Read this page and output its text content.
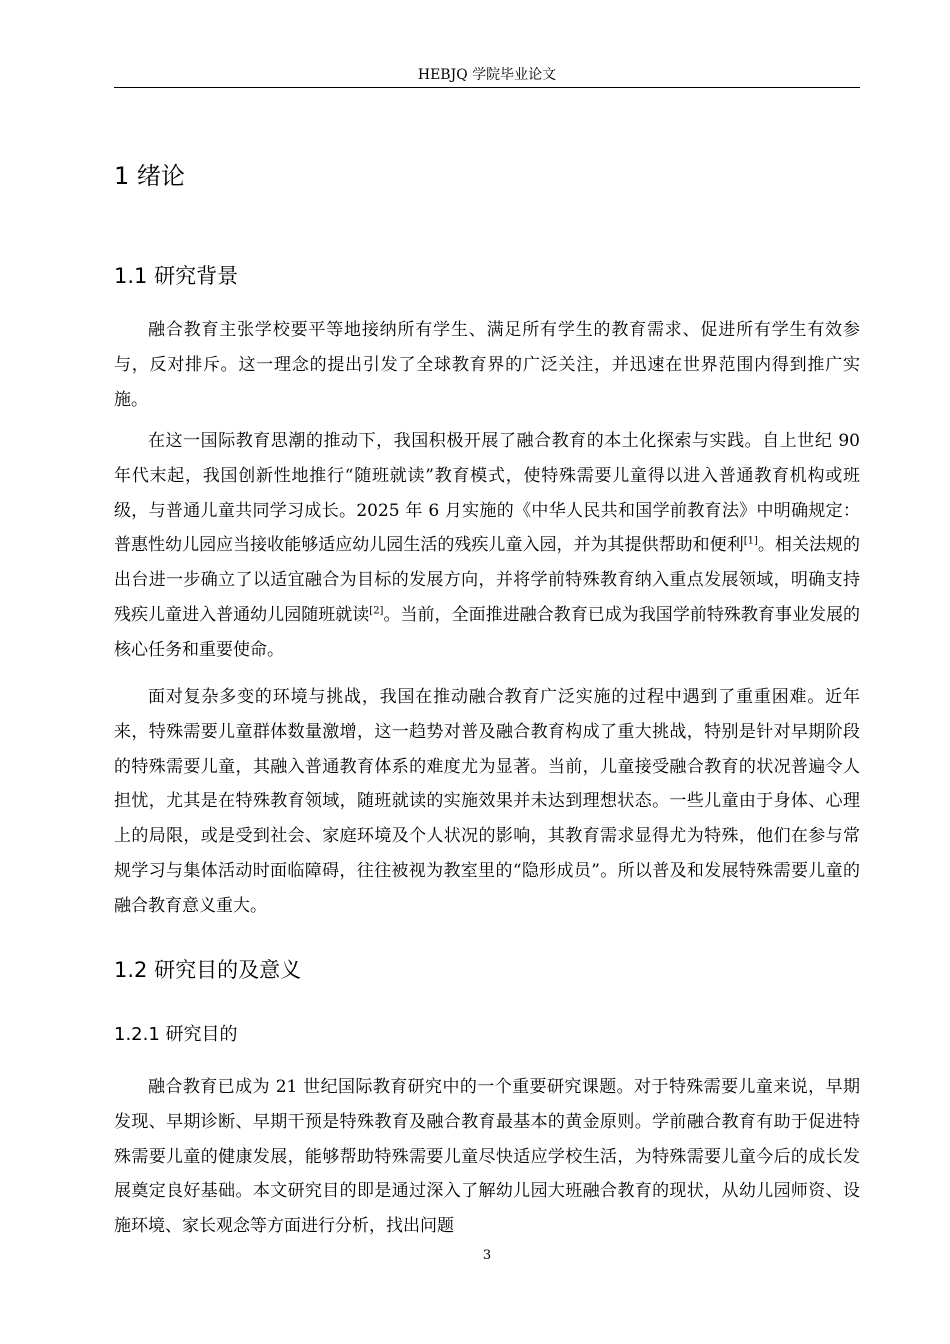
HEBJQ 学院毕业论文
1 绪论
1.1 研究背景

融合教育主张学校要平等地接纳所有学生、满足所有学生的教育需求、促进所有学生有效参与，反对排斥。这一理念的提出引发了全球教育界的广泛关注，并迅速在世界范围内得到推广实施。

在这一国际教育思潮的推动下，我国积极开展了融合教育的本土化探索与实践。自上世纪 90 年代末起，我国创新性地推行“随班就读”教育模式，使特殊需要儿童得以进入普通教育机构或班级，与普通儿童共同学习成长。2025 年 6 月实施的《中华人民共和国学前教育法》中明确规定：普惠性幼儿园应当接收能够适应幼儿园生活的残疾儿童入园，并为其提供帮助和便利[1]。相关法规的出台进一步确立了以适宜融合为目标的发展方向，并将学前特殊教育纳入重点发展领域，明确支持残疾儿童进入普通幼儿园随班就读[2]。当前，全面推进融合教育已成为我国学前特殊教育事业发展的核心任务和重要使命。

面对复杂多变的环境与挑战，我国在推动融合教育广泛实施的过程中遇到了重重困难。近年来，特殊需要儿童群体数量激增，这一趋势对普及融合教育构成了重大挑战，特别是针对早期阶段的特殊需要儿童，其融入普通教育体系的难度尤为显著。当前，儿童接受融合教育的状况普遍令人担忧，尤其是在特殊教育领域，随班就读的实施效果并未达到理想状态。一些儿童由于身体、心理上的局限，或是受到社会、家庭环境及个人状况的影响，其教育需求显得尤为特殊，他们在参与常规学习与集体活动时面临障碍，往往被视为教室里的“隐形成员”。所以普及和发展特殊需要儿童的融合教育意义重大。

1.2 研究目的及意义
1.2.1 研究目的

融合教育已成为 21 世纪国际教育研究中的一个重要研究课题。对于特殊需要儿童来说，早期发现、早期诊断、早期干预是特殊教育及融合教育最基本的黄金原则。学前融合教育有助于促进特殊需要儿童的健康发展，能够帮助特殊需要儿童尽快适应学校生活，为特殊需要儿童今后的成长发展奠定良好基础。本文研究目的即是通过深入了解幼儿园大班融合教育的现状，从幼儿园师资、设施环境、家长观念等方面进行分析，找出问题

3
